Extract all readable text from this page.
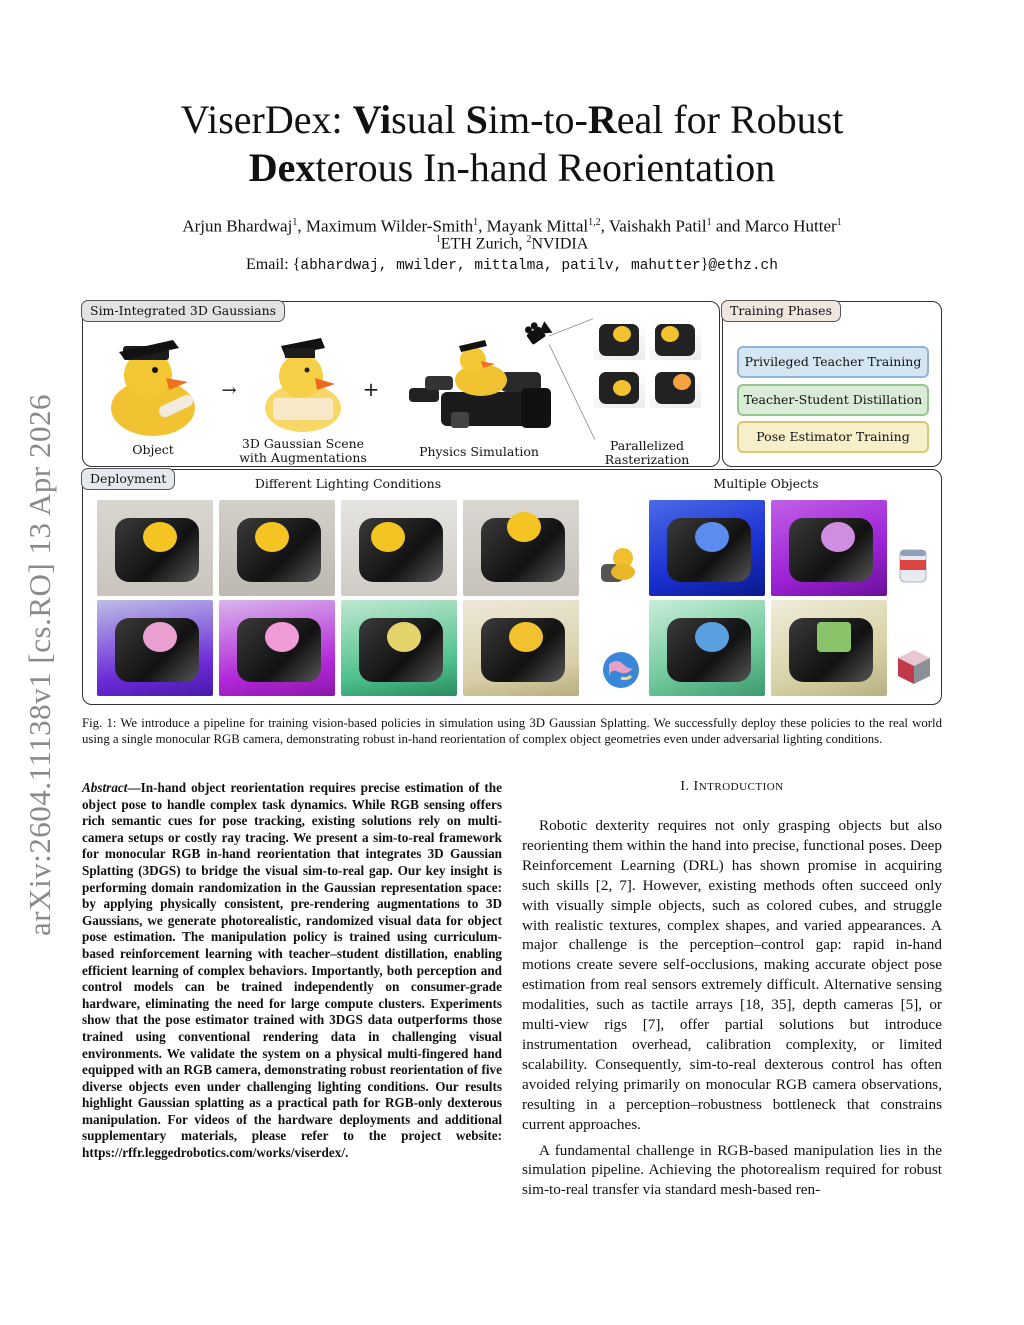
arXiv:2604.11138v1 [cs.RO] 13 Apr 2026
ViserDex: Visual Sim-to-Real for Robust
Dexterous In-hand Reorientation
Arjun Bhardwaj$^1$, Maximum Wilder-Smith$^1$, Mayank Mittal$^{1,2}$, Vaishakh Patil$^1$ and Marco Hutter$^1$
$^1$ETH Zurich, $^2$NVIDIA
Email: {abhardwaj, mwilder, mittalma, patilv, mahutter}@ethz.ch
Object
→
3D Gaussian Scene
with Augmentations
+
Physics Simulation	Parallelized
Rasterization
Sim-Integrated 3D Gaussians	Training Phases
Privileged Teacher Training
Teacher-Student Distillation
Pose Estimator Training
Deployment	Different Lighting Conditions	Multiple Objects
Fig. 1: We introduce a pipeline for training vision-based policies in simulation using 3D Gaussian Splatting. We successfully deploy these policies to the real world using a single monocular RGB camera, demonstrating robust in-hand reorientation of complex object geometries even under adversarial lighting conditions.
Abstract—In-hand object reorientation requires precise estimation of the object pose to handle complex task dynamics. While RGB sensing offers rich semantic cues for pose tracking, existing solutions rely on multi-camera setups or costly ray tracing. We present a sim-to-real framework for monocular RGB in-hand reorientation that integrates 3D Gaussian Splatting (3DGS) to bridge the visual sim-to-real gap. Our key insight is performing domain randomization in the Gaussian representation space: by applying physically consistent, pre-rendering augmentations to 3D Gaussians, we generate photorealistic, randomized visual data for object pose estimation. The manipulation policy is trained using curriculum-based reinforcement learning with teacher–student distillation, enabling efficient learning of complex behaviors. Importantly, both perception and control models can be trained independently on consumer-grade hardware, eliminating the need for large compute clusters. Experiments show that the pose estimator trained with 3DGS data outperforms those trained using conventional rendering data in challenging visual environments. We validate the system on a physical multi-fingered hand equipped with an RGB camera, demonstrating robust reorientation of five diverse objects even under challenging lighting conditions. Our results highlight Gaussian splatting as a practical path for RGB-only dexterous manipulation. For videos of the hardware deployments and additional supplementary materials, please refer to the project website: https://rffr.leggedrobotics.com/works/viserdex/.
I. INTRODUCTION

Robotic dexterity requires not only grasping objects but also reorienting them within the hand into precise, functional poses. Deep Reinforcement Learning (DRL) has shown promise in acquiring such skills [2, 7]. However, existing methods often succeed only with visually simple objects, such as colored cubes, and struggle with realistic textures, complex shapes, and varied appearances. A major challenge is the perception–control gap: rapid in-hand motions create severe self-occlusions, making accurate object pose estimation from real sensors extremely difficult. Alternative sensing modalities, such as tactile arrays [18, 35], depth cameras [5], or multi-view rigs [7], offer partial solutions but introduce instrumentation overhead, calibration complexity, or limited scalability. Consequently, sim-to-real dexterous control has often avoided relying primarily on monocular RGB camera observations, resulting in a perception–robustness bottleneck that constrains current approaches.

A fundamental challenge in RGB-based manipulation lies in the simulation pipeline. Achieving the photorealism required for robust sim-to-real transfer via standard mesh-based ren-
